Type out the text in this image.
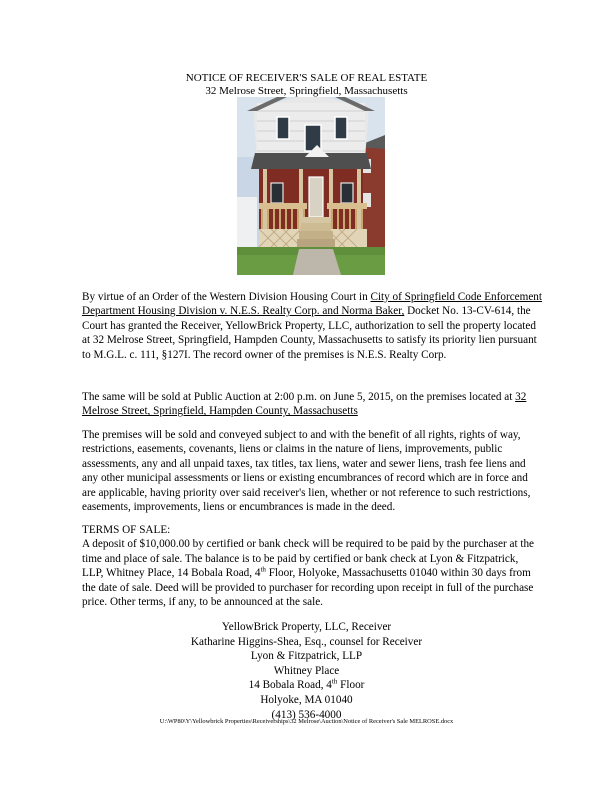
NOTICE OF RECEIVER'S SALE OF REAL ESTATE
32 Melrose Street, Springfield, Massachusetts
By virtue of an Order of the Western Division Housing Court in City of Springfield Code Enforcement Department Housing Division v. N.E.S. Realty Corp. and Norma Baker, Docket No. 13-CV-614, the Court has granted the Receiver, YellowBrick Property, LLC, authorization to sell the property located at 32 Melrose Street, Springfield, Hampden County, Massachusetts to satisfy its priority lien pursuant to M.G.L. c. 111, §127I. The record owner of the premises is N.E.S. Realty Corp.
The same will be sold at Public Auction at 2:00 p.m. on June 5, 2015, on the premises located at 32 Melrose Street, Springfield, Hampden County, Massachusetts
The premises will be sold and conveyed subject to and with the benefit of all rights, rights of way, restrictions, easements, covenants, liens or claims in the nature of liens, improvements, public assessments, any and all unpaid taxes, tax titles, tax liens, water and sewer liens, trash fee liens and any other municipal assessments or liens or existing encumbrances of record which are in force and are applicable, having priority over said receiver's lien, whether or not reference to such restrictions, easements, improvements, liens or encumbrances is made in the deed.
TERMS OF SALE:
A deposit of $10,000.00 by certified or bank check will be required to be paid by the purchaser at the time and place of sale. The balance is to be paid by certified or bank check at Lyon & Fitzpatrick, LLP, Whitney Place, 14 Bobala Road, 4th Floor, Holyoke, Massachusetts 01040 within 30 days from the date of sale. Deed will be provided to purchaser for recording upon receipt in full of the purchase price. Other terms, if any, to be announced at the sale.
YellowBrick Property, LLC, Receiver
Katharine Higgins-Shea, Esq., counsel for Receiver
Lyon & Fitzpatrick, LLP
Whitney Place
14 Bobala Road, 4th Floor
Holyoke, MA 01040
(413) 536-4000
U:\WP80\Y\Yellowbrick Properties\Receiverships\32 Melrose\Auction\Notice of Receiver's Sale MELROSE.docx
